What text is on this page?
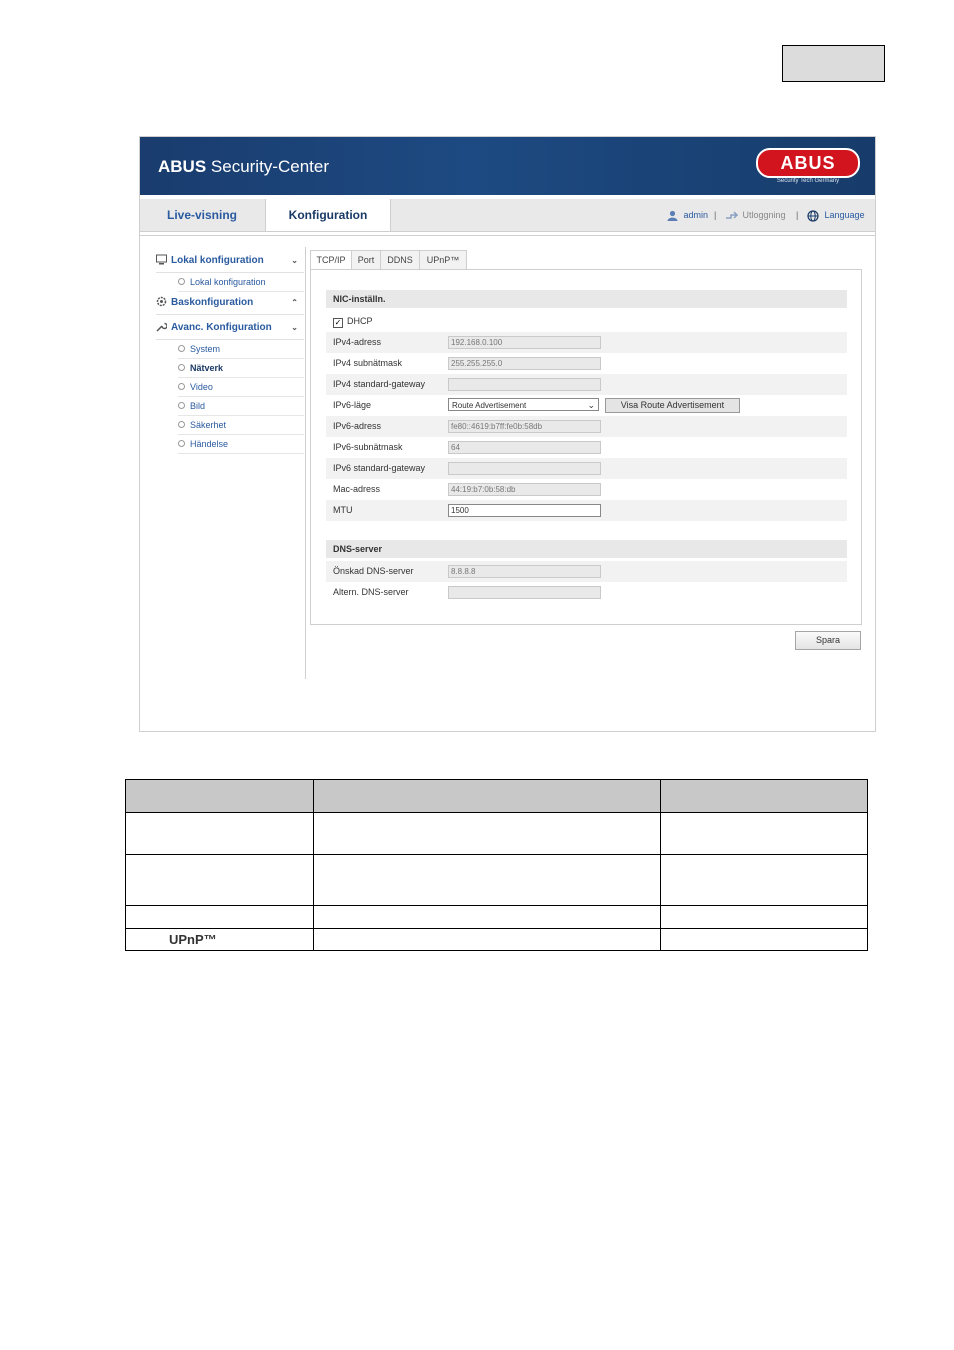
ABUS Security-Center	ABUS
Security Tech Germany
Live-visning	Konfiguration	admin |	Utloggning |	Language
Lokal konfiguration	⌄
Lokal konfiguration
Baskonfiguration	⌃
Avanc. Konfiguration ⌄
System
Nätverk
Video
Bild
Säkerhet
Händelse
TCP/IP	Port	DDNS	UPnP™
NIC-inställn.
✓ DHCP
IPv4-adress	192.168.0.100
IPv4 subnätmask	255.255.255.0
IPv4 standard-gateway
IPv6-läge	Route Advertisement	⌄	Visa Route Advertisement
IPv6-adress	fe80::4619:b7ff:fe0b:58db
IPv6-subnätmask	64
IPv6 standard-gateway
Mac-adress	44:19:b7:0b:58:db
MTU	1500
DNS-server
Önskad DNS-server	8.8.8.8
Altern. DNS-server
Spara

UPnP™		
